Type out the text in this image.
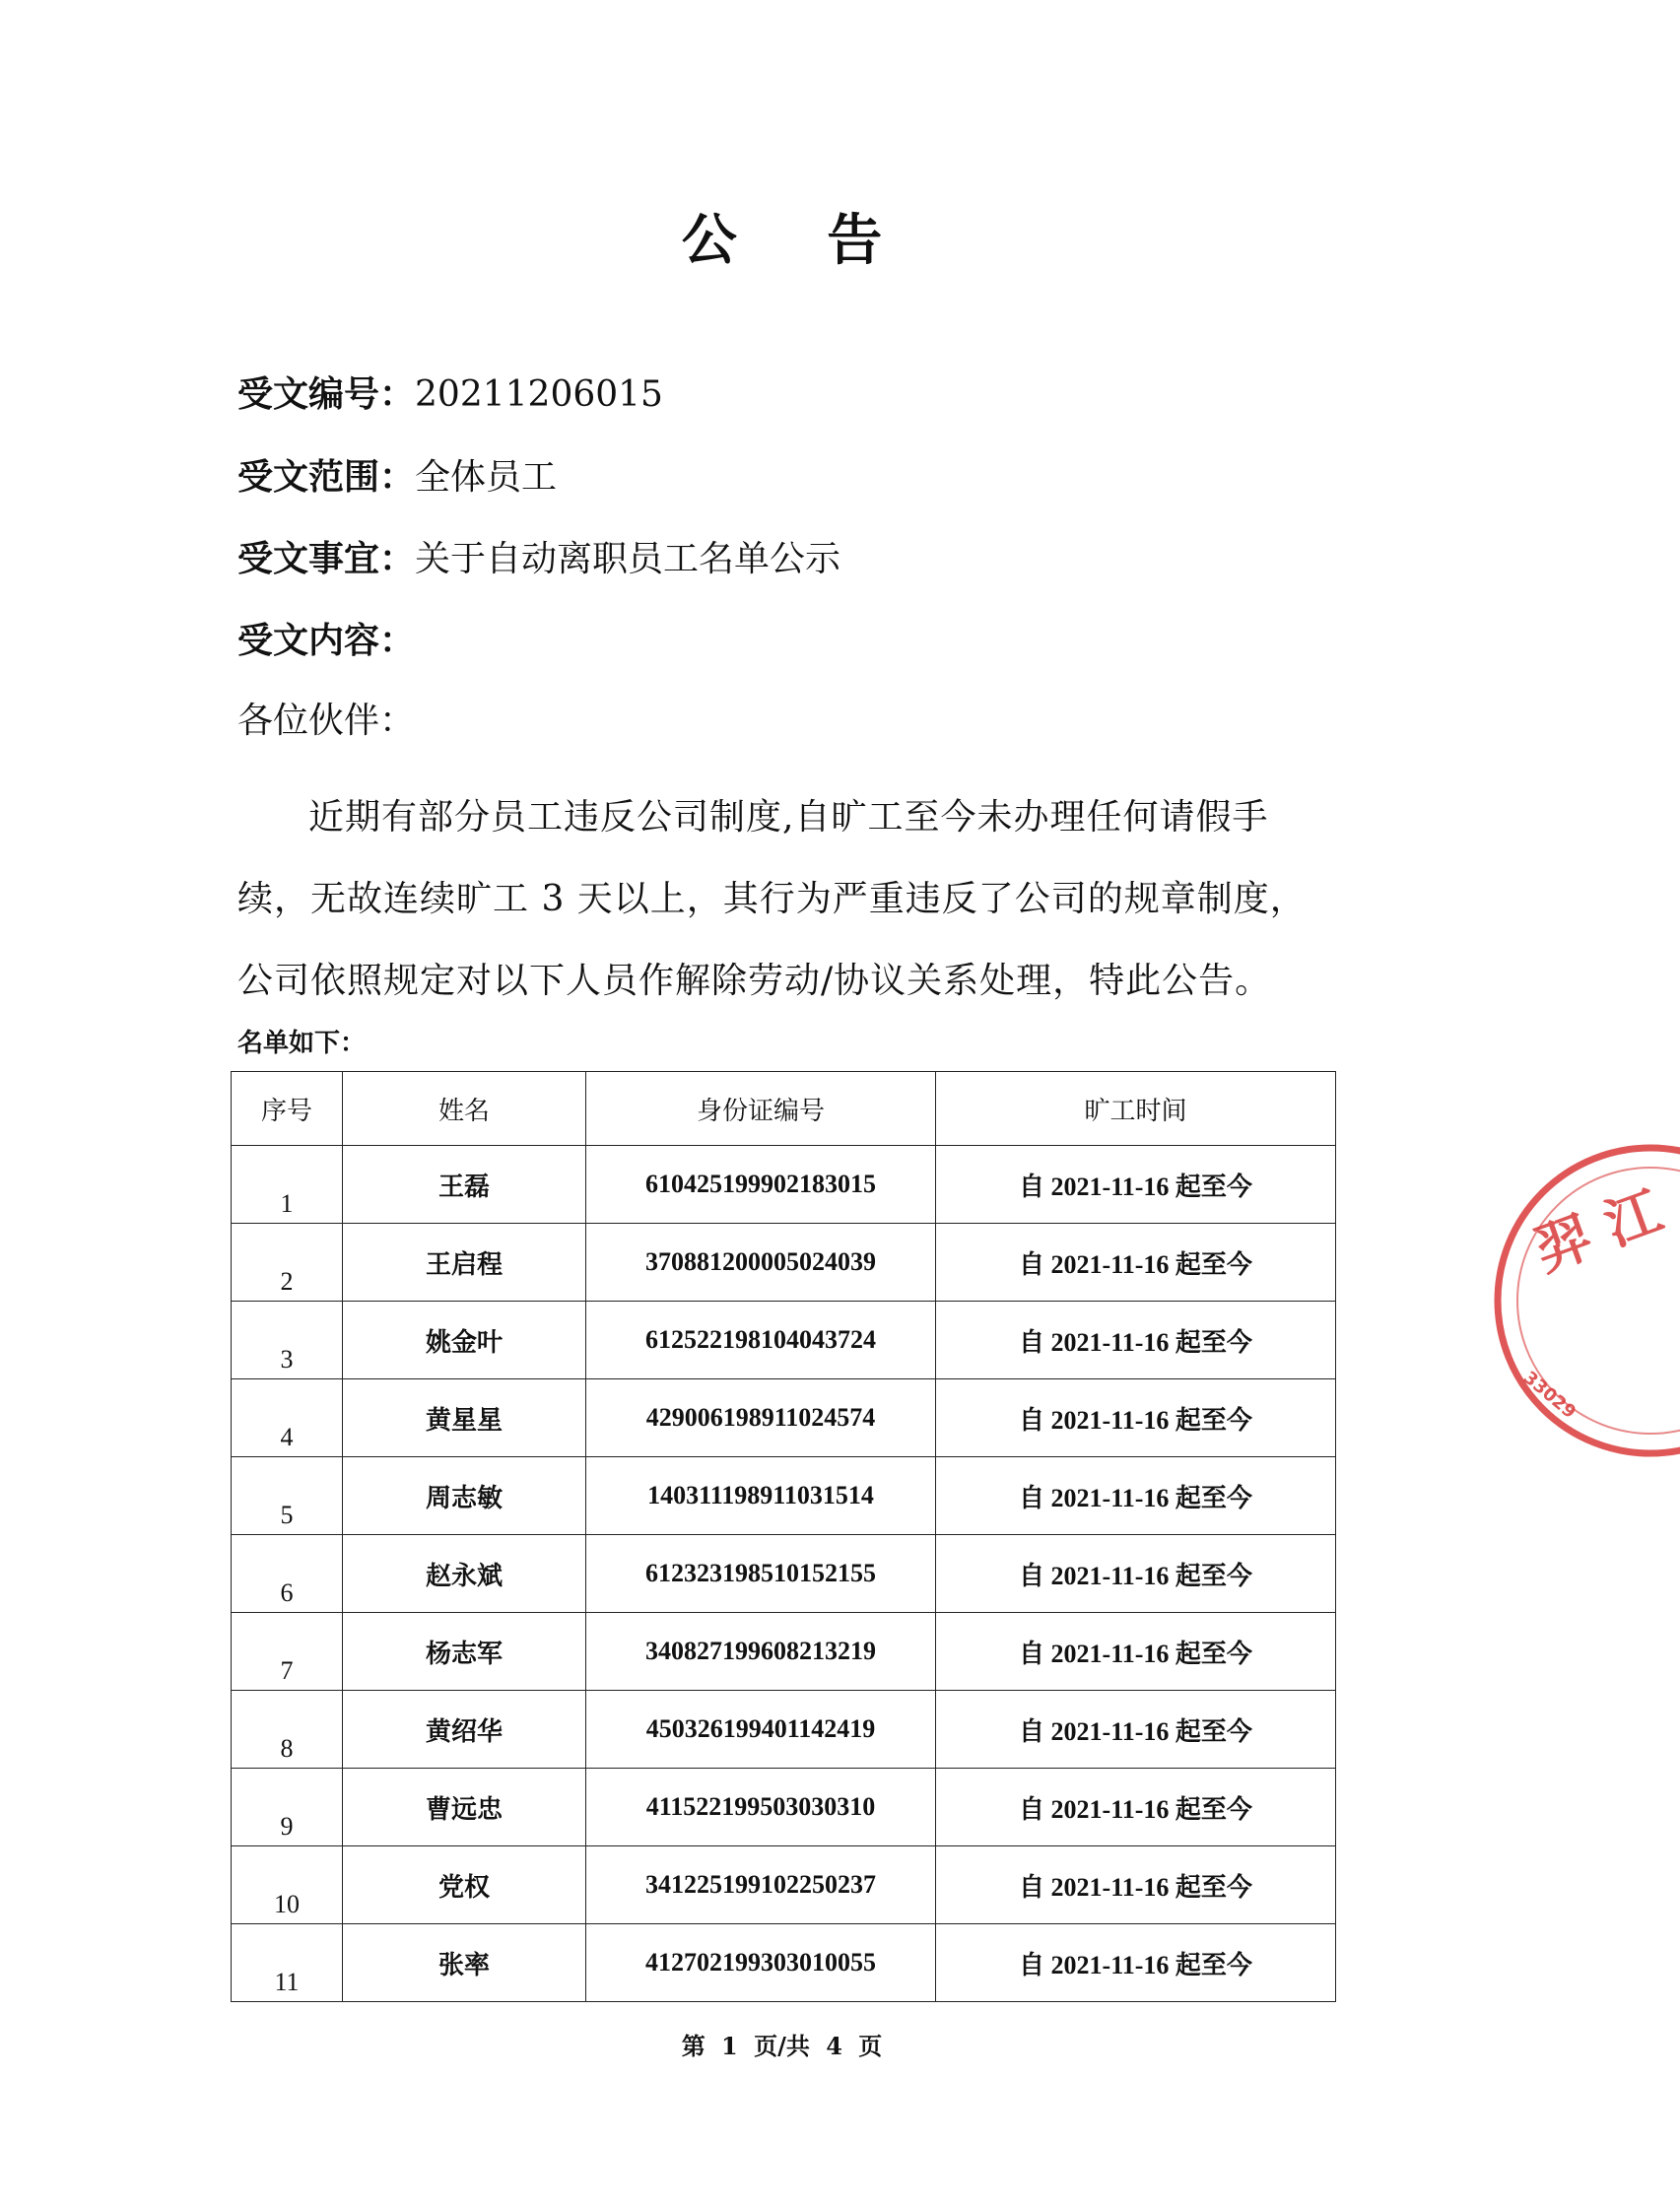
公 告
受文编号：20211206015
受文范围：全体员工
受文事宜：关于自动离职员工名单公示
受文内容：
各位伙伴：
近期有部分员工违反公司制度,自旷工至今未办理任何请假手续，无故连续旷工 3 天以上，其行为严重违反了公司的规章制度，公司依照规定对以下人员作解除劳动/协议关系处理，特此公告。
名单如下：
序号	姓名	身份证编号	旷工时间
1	王磊	610425199902183015	自 2021-11-16 起至今
2	王启程	370881200005024039	自 2021-11-16 起至今
3	姚金叶	612522198104043724	自 2021-11-16 起至今
4	黄星星	429006198911024574	自 2021-11-16 起至今
5	周志敏	140311198911031514	自 2021-11-16 起至今
6	赵永斌	612323198510152155	自 2021-11-16 起至今
7	杨志军	340827199608213219	自 2021-11-16 起至今
8	黄绍华	450326199401142419	自 2021-11-16 起至今
9	曹远忠	411522199503030310	自 2021-11-16 起至今
10	党权	341225199102250237	自 2021-11-16 起至今
11	张率	412702199303010055	自 2021-11-16 起至今
第 1 页/共 4 页
羿 江
33029
